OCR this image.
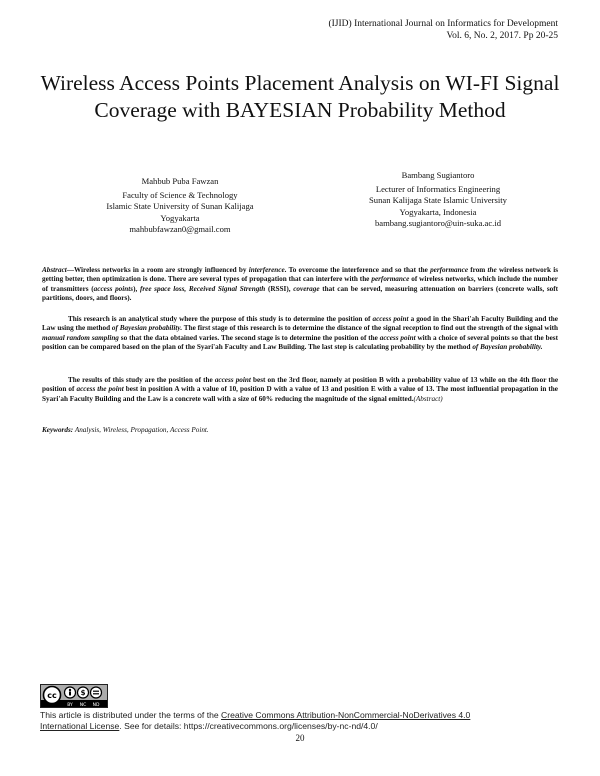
(IJID) International Journal on Informatics for Development
Vol. 6, No. 2, 2017. Pp 20-25
Wireless Access Points Placement Analysis on WI-FI Signal Coverage with BAYESIAN Probability Method
Mahbub Puba Fawzan
Faculty of Science & Technology
Islamic State University of Sunan Kalijaga
Yogyakarta
mahbubfawzan0@gmail.com
Bambang Sugiantoro
Lecturer of Informatics Engineering
Sunan Kalijaga State Islamic University
Yogyakarta, Indonesia
bambang.sugiantoro@uin-suka.ac.id
Abstract—Wireless networks in a room are strongly influenced by interference. To overcome the interference and so that the performance from the wireless network is getting better, then optimization is done. There are several types of propagation that can interfere with the performance of wireless networks, which include the number of transmitters (access points), free space loss, Received Signal Strength (RSSI), coverage that can be served, measuring attenuation on barriers (concrete walls, soft partitions, doors, and floors).
This research is an analytical study where the purpose of this study is to determine the position of access point a good in the Shari'ah Faculty Building and the Law using the method of Bayesian probability. The first stage of this research is to determine the distance of the signal reception to find out the strength of the signal with manual random sampling so that the data obtained varies. The second stage is to determine the position of the access point with a choice of several points so that the best position can be compared based on the plan of the Syari'ah Faculty and Law Building. The last step is calculating probability by the method of Bayesian probability.
The results of this study are the position of the access point best on the 3rd floor, namely at position B with a probability value of 13 while on the 4th floor the position of access the point best in position A with a value of 10, position D with a value of 13 and position E with a value of 13. The most influential propagation in the Syari'ah Faculty Building and the Law is a concrete wall with a size of 60% reducing the magnitude of the signal emitted.(Abstract)
Keywords: Analysis, Wireless, Propagation, Access Point.
cc	$
BY NC ND
This article is distributed under the terms of the Creative Commons Attribution-NonCommercial-NoDerivatives 4.0
International License. See for details: https://creativecommons.org/licenses/by-nc-nd/4.0/
20
